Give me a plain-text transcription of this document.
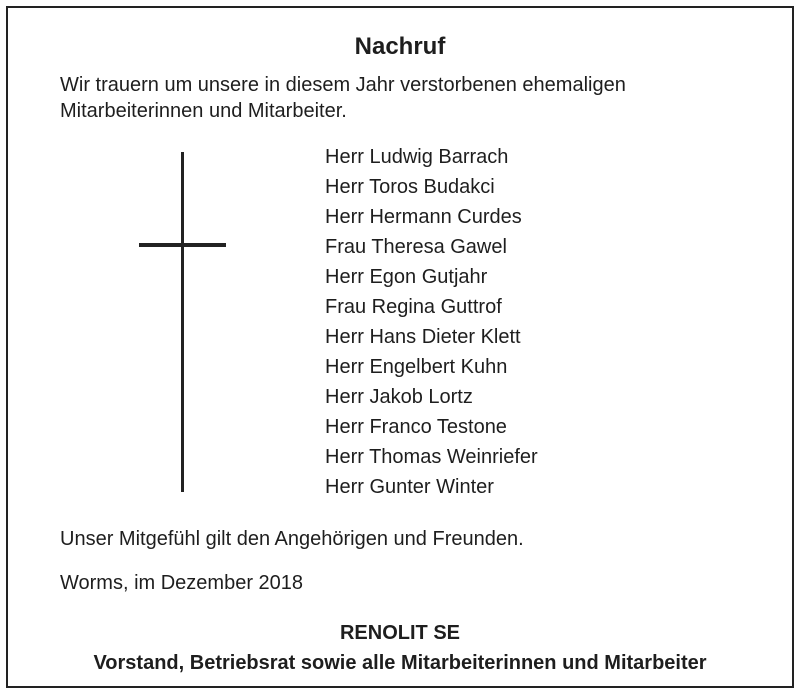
Nachruf
Wir trauern um unsere in diesem Jahr verstorbenen ehemaligen
Mitarbeiterinnen und Mitarbeiter.
Herr Ludwig Barrach
Herr Toros Budakci
Herr Hermann Curdes
Frau Theresa Gawel
Herr Egon Gutjahr
Frau Regina Guttrof
Herr Hans Dieter Klett
Herr Engelbert Kuhn
Herr Jakob Lortz
Herr Franco Testone
Herr Thomas Weinriefer
Herr Gunter Winter
Unser Mitgefühl gilt den Angehörigen und Freunden.
Worms, im Dezember 2018
RENOLIT SE
Vorstand, Betriebsrat sowie alle Mitarbeiterinnen und Mitarbeiter
